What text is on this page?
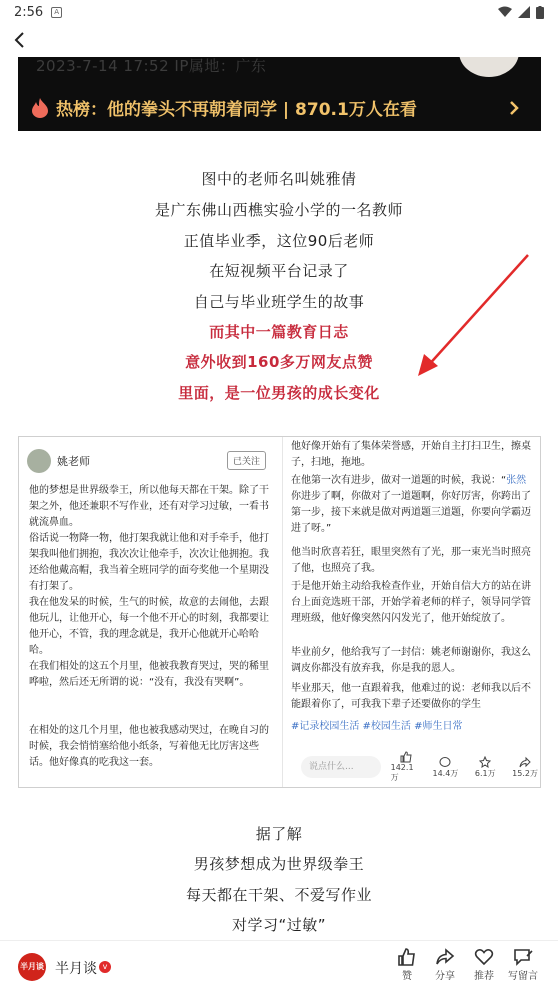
2:56	A
2023-7-14 17:52 IP属地：广东
热榜：他的拳头不再朝着同学 | 870.1万人在看
图中的老师名叫姚雅倩
是广东佛山西樵实验小学的一名教师
正值毕业季，这位90后老师
在短视频平台记录了
自己与毕业班学生的故事
而其中一篇教育日志
意外收到160多万网友点赞
里面，是一位男孩的成长变化
姚老师	已关注
他的梦想是世界级拳王，所以他每天都在干架。除了干架之外，他还兼职不写作业，还有对学习过敏，一看书就流鼻血。
俗话说一物降一物，他打架我就让他和对手牵手，他打架我叫他们拥抱，我次次让他牵手，次次让他拥抱。我还给他戴高帽，我当着全班同学的面夸奖他一个星期没有打架了。
我在他发呆的时候，生气的时候，故意的去闹他，去跟他玩儿，让他开心，每一个他不开心的时刻，我都要让他开心，不管，我的理念就是，我开心他就开心哈哈哈。
在我们相处的这五个月里，他被我教育哭过，哭的稀里哗啦，然后还无所谓的说：“没有，我没有哭啊”。
在相处的这几个月里，他也被我感动哭过，在晚自习的时候，我会悄悄塞给他小纸条，写着他无比厉害这些话。他好像真的吃我这一套。
他好像开始有了集体荣誉感，开始自主打扫卫生，擦桌子，扫地，拖地。
在他第一次有进步，做对一道题的时候，我说：“张然你进步了啊，你做对了一道题啊，你好厉害，你跨出了第一步，接下来就是做对两道题三道题，你要向学霸迈进了呀。”
他当时欣喜若狂，眼里突然有了光，那一束光当时照亮了他，也照亮了我。
于是他开始主动给我检查作业，开始自信大方的站在讲台上面竞选班干部，开始学着老师的样子，领导同学管理班级，他好像突然闪闪发光了，他开始绽放了。
毕业前夕，他给我写了一封信：姚老师谢谢你，我这么调皮你都没有放弃我，你是我的恩人。
毕业那天，他一直跟着我，他难过的说：老师我以后不能跟着你了，可我我下辈子还要做你的学生
#记录校园生活 #校园生活 #师生日常
说点什么...	142.1万	14.4万 6.1万 15.2万
据了解
男孩梦想成为世界级拳王
每天都在干架、不爱写作业
对学习“过敏”
半月谈 半月谈 v
赞 分享 推荐 写留言
